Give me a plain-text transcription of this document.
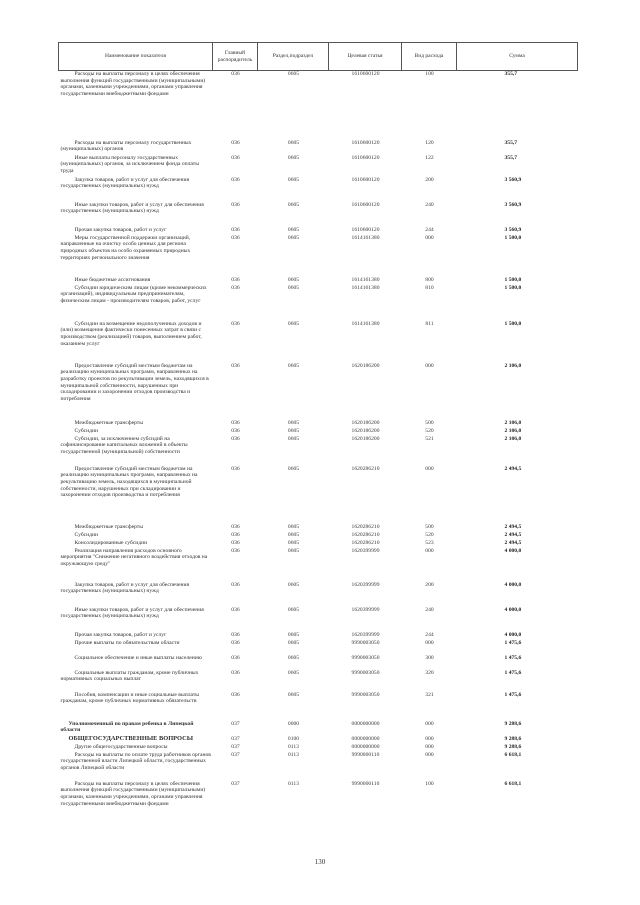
Наименование показателя	Главный распорядитель	Раздел,подраздел	Целевая статья	Вид расхода	Сумма

Расходы на выплаты персоналу в целях обеспечения выполнения функций государственными (муниципальными) органами, казенными учреждениями, органами управления государственными внебюджетными фондами	036	0605	1610600120	100	355,7

Расходы на выплаты персоналу государственных (муниципальных) органов	036	0605	1610600120	120	355,7

Иные выплаты персоналу государственных (муниципальных) органов, за исключением фонда оплаты труда	036	0605	1610600120	122	355,7

Закупка товаров, работ и услуг для обеспечения государственных (муниципальных) нужд	036	0605	1610600120	200	3 560,9

Иные закупки товаров, работ и услуг для обеспечения государственных (муниципальных) нужд	036	0605	1610600120	240	3 560,9

Прочая закупка товаров, работ и услуг	036	0605	1610600120	244	3 560,9

Меры государственной поддержки организаций, направленные на очистку особо ценных для региона природных объектов на особо охраняемых природных территориях регионального значения	036	0605	1614161380	000	1 500,0

Иные бюджетные ассигнования	036	0605	1614161380	800	1 500,0

Субсидии юридическим лицам (кроме некоммерческих организаций), индивидуальным предпринимателям, физическим лицам - производителям товаров, работ, услуг	036	0605	1614161380	810	1 500,0

Субсидии на возмещение недополученных доходов и (или) возмещение фактически понесенных затрат в связи с производством (реализацией) товаров, выполнением работ, оказанием услуг	036	0605	1614161380	811	1 500,0

Предоставление субсидий местным бюджетам на реализацию муниципальных программ, направленных на разработку проектов по рекультивации земель, находящихся в муниципальной собственности, нарушенных при складировании и захоронении отходов производства и потребления	036	0605	1620186200	000	2 106,0

Межбюджетные трансферты	036	0605	1620186200	500	2 106,0

Субсидии	036	0605	1620186200	520	2 106,0

Субсидии, за исключением субсидий на софинансирование капитальных вложений в объекты государственной (муниципальной) собственности	036	0605	1620186200	521	2 106,0

Предоставление субсидий местным бюджетам на реализацию муниципальных программ, направленных на рекультивацию земель, находящихся в муниципальной собственности, нарушенных при складировании и захоронении отходов производства и потребления	036	0605	1620286210	000	2 494,5

Межбюджетные трансферты	036	0605	1620286210	500	2 494,5

Субсидии	036	0605	1620286210	520	2 494,5

Консолидированные субсидии	036	0605	1620286210	523	2 494,5

Реализация направления расходов основного мероприятия "Снижение негативного воздействия отходов на окружающую среду"	036	0605	1620399999	000	4 000,0

Закупка товаров, работ и услуг для обеспечения государственных (муниципальных) нужд	036	0605	1620399999	200	4 000,0

Иные закупки товаров, работ и услуг для обеспечения государственных (муниципальных) нужд	036	0605	1620399999	240	4 000,0

Прочая закупка товаров, работ и услуг	036	0605	1620399999	244	4 000,0

Прочие выплаты по обязательствам области	036	0605	9990003050	000	1 475,6

Социальное обеспечение и иные выплаты населению	036	0605	9990003050	300	1 475,6

Социальные выплаты гражданам, кроме публичных нормативных социальных выплат	036	0605	9990003050	320	1 475,6

Пособия, компенсации и иные социальные выплаты гражданам, кроме публичных нормативных обязательств	036	0605	9990003050	321	1 475,6

Уполномоченный по правам ребенка в Липецкой области	037	0000	0000000000	000	9 288,6

ОБЩЕГОСУДАРСТВЕННЫЕ ВОПРОСЫ	037	0100	0000000000	000	9 288,6

Другие общегосударственные вопросы	037	0113	0000000000	000	9 288,6

Расходы на выплаты по оплате труда работников органов государственной власти Липецкой области, государственных органов Липецкой области	037	0113	9990000110	000	6 618,1

Расходы на выплаты персоналу в целях обеспечения выполнения функций государственными (муниципальными) органами, казенными учреждениями, органами управления государственными внебюджетными фондами	037	0113	9990000110	100	6 618,1
130
